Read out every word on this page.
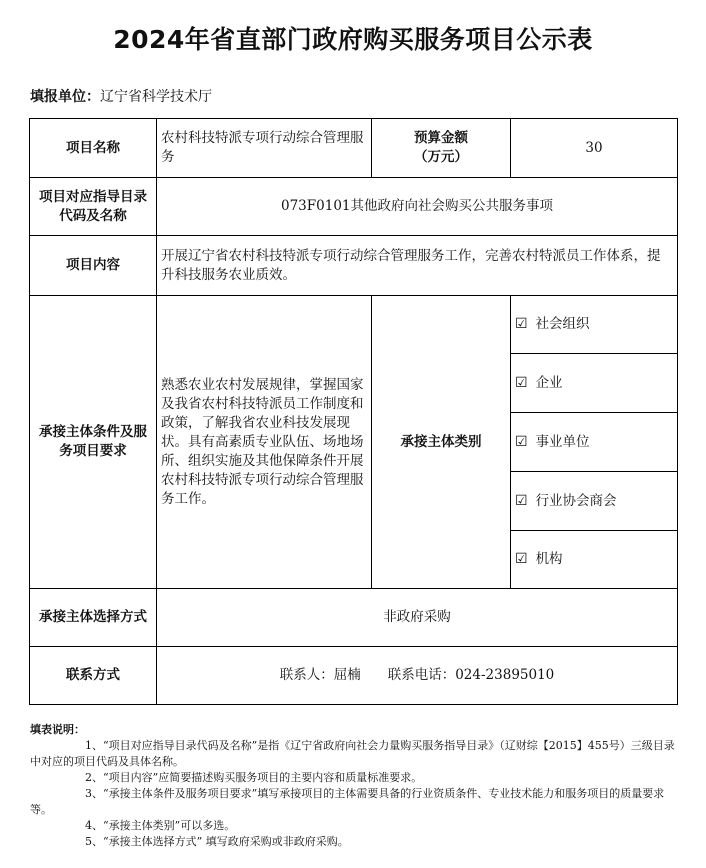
2024年省直部门政府购买服务项目公示表
填报单位：辽宁省科学技术厅
项目名称
农村科技特派专项行动综合管理服务
预算金额
（万元）
30
项目对应指导目录代码及名称
073F0101其他政府向社会购买公共服务事项
项目内容
开展辽宁省农村科技特派专项行动综合管理服务工作，完善农村特派员工作体系，提升科技服务农业质效。
承接主体条件及服务项目要求
熟悉农业农村发展规律，掌握国家及我省农村科技特派员工作制度和政策，了解我省农业科技发展现状。具有高素质专业队伍、场地场所、组织实施及其他保障条件开展农村科技特派专项行动综合管理服务工作。
承接主体类别
☑ 社会组织
☑ 企业
☑ 事业单位
☑ 行业协会商会
☑ 机构
承接主体选择方式	非政府采购
联系方式	联系人：屈楠　　联系电话：024-23895010

填表说明：

1、“项目对应指导目录代码及名称”是指《辽宁省政府向社会力量购买服务指导目录》（辽财综【2015】455号）三级目录中对应的项目代码及具体名称。

2、“项目内容”应简要描述购买服务项目的主要内容和质量标准要求。

3、“承接主体条件及服务项目要求”填写承接项目的主体需要具备的行业资质条件、专业技术能力和服务项目的质量要求等。

4、“承接主体类别”可以多选。

5、“承接主体选择方式” 填写政府采购或非政府采购。
